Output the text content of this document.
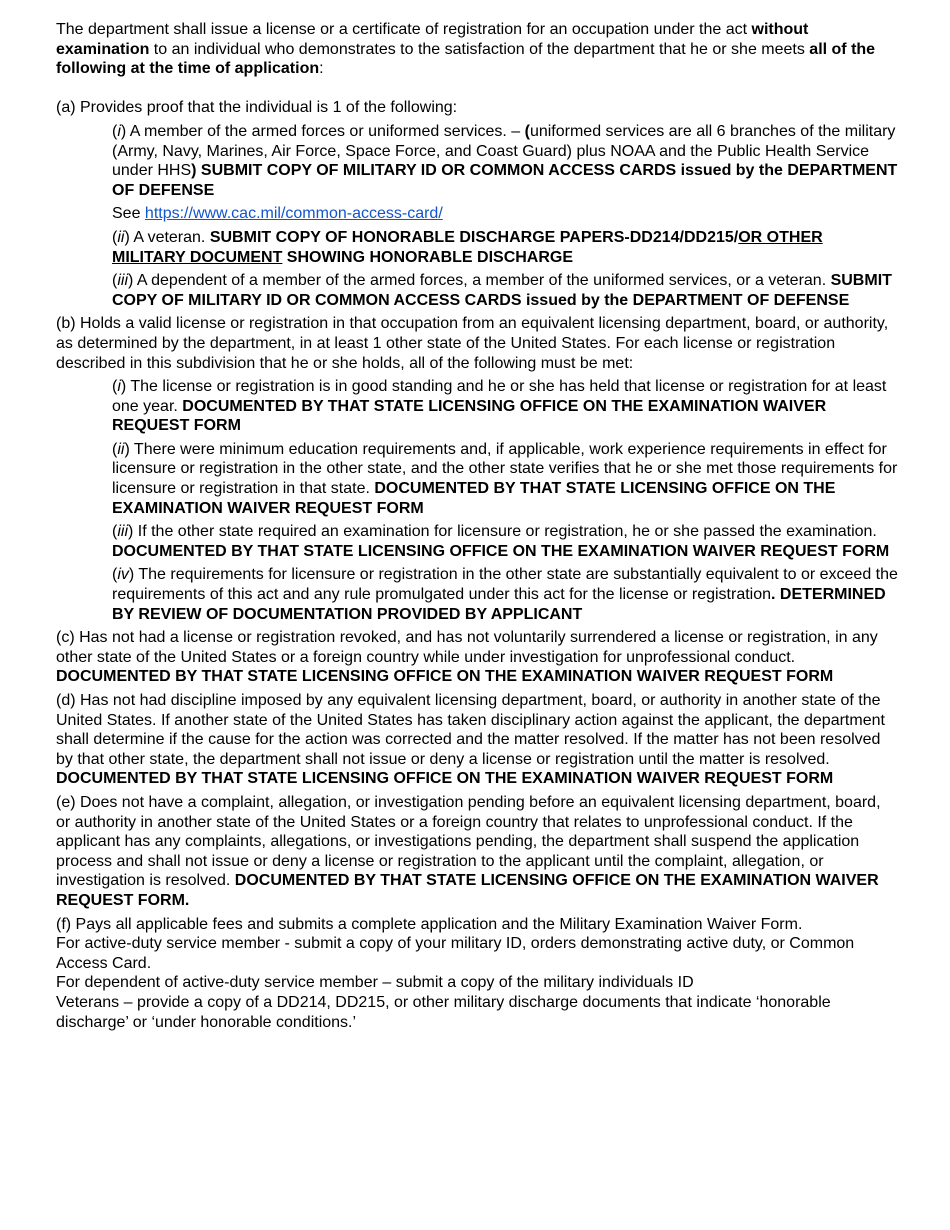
The department shall issue a license or a certificate of registration for an occupation under the act without examination to an individual who demonstrates to the satisfaction of the department that he or she meets all of the following at the time of application:

(a) Provides proof that the individual is 1 of the following:

(i) A member of the armed forces or uniformed services. – (uniformed services are all 6 branches of the military (Army, Navy, Marines, Air Force, Space Force, and Coast Guard) plus NOAA and the Public Health Service under HHS) SUBMIT COPY OF MILITARY ID OR COMMON ACCESS CARDS issued by the DEPARTMENT OF DEFENSE

See https://www.cac.mil/common-access-card/

(ii) A veteran. SUBMIT COPY OF HONORABLE DISCHARGE PAPERS-DD214/DD215/OR OTHER MILITARY DOCUMENT SHOWING HONORABLE DISCHARGE

(iii) A dependent of a member of the armed forces, a member of the uniformed services, or a veteran. SUBMIT COPY OF MILITARY ID OR COMMON ACCESS CARDS issued by the DEPARTMENT OF DEFENSE

(b) Holds a valid license or registration in that occupation from an equivalent licensing department, board, or authority, as determined by the department, in at least 1 other state of the United States. For each license or registration described in this subdivision that he or she holds, all of the following must be met:

(i) The license or registration is in good standing and he or she has held that license or registration for at least one year. DOCUMENTED BY THAT STATE LICENSING OFFICE ON THE EXAMINATION WAIVER REQUEST FORM

(ii) There were minimum education requirements and, if applicable, work experience requirements in effect for licensure or registration in the other state, and the other state verifies that he or she met those requirements for licensure or registration in that state. DOCUMENTED BY THAT STATE LICENSING OFFICE ON THE EXAMINATION WAIVER REQUEST FORM

(iii) If the other state required an examination for licensure or registration, he or she passed the examination. DOCUMENTED BY THAT STATE LICENSING OFFICE ON THE EXAMINATION WAIVER REQUEST FORM

(iv) The requirements for licensure or registration in the other state are substantially equivalent to or exceed the requirements of this act and any rule promulgated under this act for the license or registration. DETERMINED BY REVIEW OF DOCUMENTATION PROVIDED BY APPLICANT

(c) Has not had a license or registration revoked, and has not voluntarily surrendered a license or registration, in any other state of the United States or a foreign country while under investigation for unprofessional conduct. DOCUMENTED BY THAT STATE LICENSING OFFICE ON THE EXAMINATION WAIVER REQUEST FORM

(d) Has not had discipline imposed by any equivalent licensing department, board, or authority in another state of the United States. If another state of the United States has taken disciplinary action against the applicant, the department shall determine if the cause for the action was corrected and the matter resolved. If the matter has not been resolved by that other state, the department shall not issue or deny a license or registration until the matter is resolved. DOCUMENTED BY THAT STATE LICENSING OFFICE ON THE EXAMINATION WAIVER REQUEST FORM

(e) Does not have a complaint, allegation, or investigation pending before an equivalent licensing department, board, or authority in another state of the United States or a foreign country that relates to unprofessional conduct. If the applicant has any complaints, allegations, or investigations pending, the department shall suspend the application process and shall not issue or deny a license or registration to the applicant until the complaint, allegation, or investigation is resolved. DOCUMENTED BY THAT STATE LICENSING OFFICE ON THE EXAMINATION WAIVER REQUEST FORM.

(f) Pays all applicable fees and submits a complete application and the Military Examination Waiver Form.

For active-duty service member - submit a copy of your military ID, orders demonstrating active duty, or Common Access Card.

For dependent of active-duty service member – submit a copy of the military individuals ID

Veterans – provide a copy of a DD214, DD215, or other military discharge documents that indicate ‘honorable discharge’ or ‘under honorable conditions.’
